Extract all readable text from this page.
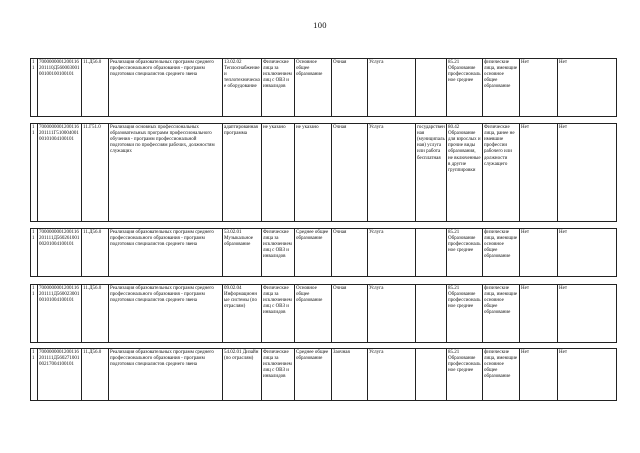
100
11	7000000001200116201110Д56000300100100100100101	11.Д56.0	Реализация образовательных программ среднего профессионального образования - программ подготовки специалистов среднего звена	13.02.02 Теплоснабжение и теплотехническое оборудование	Физические лица за исключением лиц с ОВЗ и инвалидов	Основное общее образование	Очная	Услуга		85.21 Образование профессиональное среднее	физические лица, имеющие основное общее образование	Нет	Нет

11	7000000001200116201111Г51000400100101004100101	11.Г51.0	Реализация основных профессиональных образовательных программ профессионального обучения - программ профессиональной подготовки по профессиям рабочих, должностям служащих	адаптированная программа	не указано	не указано	Очная	Услуга	государственная (муниципальная) услуга или работа бесплатная	80.42 Образование для взрослых и прочие виды образования, не включенные в другие группировки	Физические лица, ранее не имевшие профессии рабочего или должности служащего	Нет	Нет

11	7000000001200116201111Д56026100100201004100101	11.Д56.0	Реализация образовательных программ среднего профессионального образования - программ подготовки специалистов среднего звена	53.02.01 Музыкальное образование	Физические лица за исключением лиц с ОВЗ и инвалидов	Среднее общее образование	Очная	Услуга		85.21 Образование профессиональное среднее	физические лица, имеющие основное общее образование	Нет	Нет

11	7000000001200116201111Д56002300100101004100101	11.Д56.0	Реализация образовательных программ среднего профессионального образования - программ подготовки специалистов среднего звена	09.02.04 Информационные системы (по отраслям)	Физические лица за исключением лиц с ОВЗ и инвалидов	Основное общее образование	Очная	Услуга		85.21 Образование профессиональное среднее	физические лица, имеющие основное общее образование	Нет	Нет

11	7000000001200116201111Д56027100100217004100101	11.Д56.0	Реализация образовательных программ среднего профессионального образования - программ подготовки специалистов среднего звена	54.02.01 Дизайн (по отраслям)	Физические лица за исключением лиц с ОВЗ и инвалидов	Среднее общее образование	Заочная	Услуга		85.21 Образование профессиональное среднее	физические лица, имеющие основное общее образование	Нет	Нет
